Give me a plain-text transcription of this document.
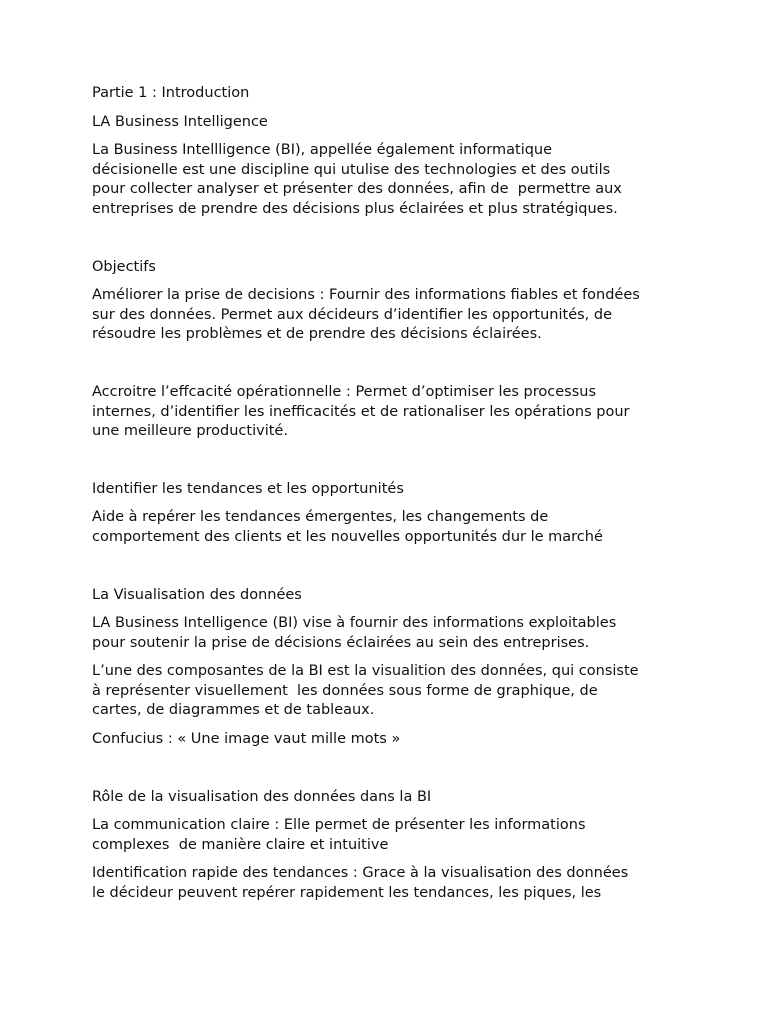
Partie 1 : Introduction

LA Business Intelligence

La Business Intellligence (BI), appellée également informatique
décisionelle est une discipline qui utulise des technologies et des outils
pour collecter analyser et présenter des données, afin de  permettre aux
entreprises de prendre des décisions plus éclairées et plus stratégiques.

Objectifs

Améliorer la prise de decisions : Fournir des informations fiables et fondées
sur des données. Permet aux décideurs d’identifier les opportunités, de
résoudre les problèmes et de prendre des décisions éclairées.

Accroitre l’effcacité opérationnelle : Permet d’optimiser les processus
internes, d’identifier les inefficacités et de rationaliser les opérations pour
une meilleure productivité.

Identifier les tendances et les opportunités

Aide à repérer les tendances émergentes, les changements de
comportement des clients et les nouvelles opportunités dur le marché

La Visualisation des données

LA Business Intelligence (BI) vise à fournir des informations exploitables
pour soutenir la prise de décisions éclairées au sein des entreprises.

L’une des composantes de la BI est la visualition des données, qui consiste
à représenter visuellement  les données sous forme de graphique, de
cartes, de diagrammes et de tableaux.

Confucius : « Une image vaut mille mots »

Rôle de la visualisation des données dans la BI

La communication claire : Elle permet de présenter les informations
complexes  de manière claire et intuitive

Identification rapide des tendances : Grace à la visualisation des données
le décideur peuvent repérer rapidement les tendances, les piques, les
